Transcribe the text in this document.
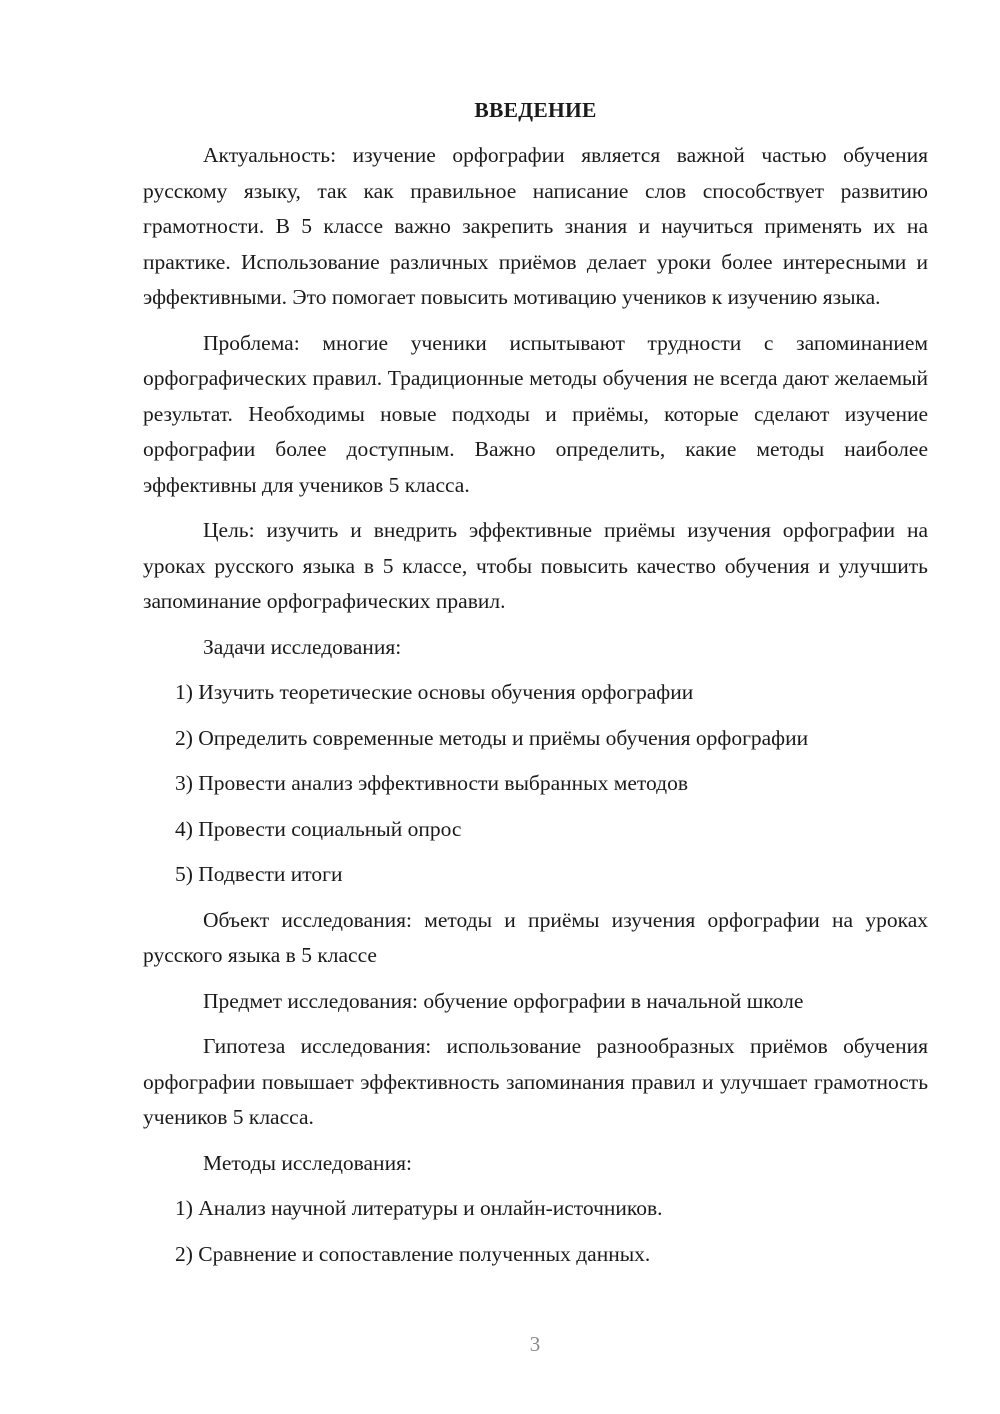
ВВЕДЕНИЕ

Актуальность: изучение орфографии является важной частью обучения русскому языку, так как правильное написание слов способствует развитию грамотности. В 5 классе важно закрепить знания и научиться применять их на практике. Использование различных приёмов делает уроки более интересными и эффективными. Это помогает повысить мотивацию учеников к изучению языка.

Проблема: многие ученики испытывают трудности с запоминанием орфографических правил. Традиционные методы обучения не всегда дают желаемый результат. Необходимы новые подходы и приёмы, которые сделают изучение орфографии более доступным. Важно определить, какие методы наиболее эффективны для учеников 5 класса.

Цель: изучить и внедрить эффективные приёмы изучения орфографии на уроках русского языка в 5 классе, чтобы повысить качество обучения и улучшить запоминание орфографических правил.

Задачи исследования:

1) Изучить теоретические основы обучения орфографии

2) Определить современные методы и приёмы обучения орфографии

3) Провести анализ эффективности выбранных методов

4) Провести социальный опрос

5) Подвести итоги

Объект исследования: методы и приёмы изучения орфографии на уроках русского языка в 5 классе

Предмет исследования: обучение орфографии в начальной школе

Гипотеза исследования: использование разнообразных приёмов обучения орфографии повышает эффективность запоминания правил и улучшает грамотность учеников 5 класса.

Методы исследования:

1) Анализ научной литературы и онлайн-источников.

2) Сравнение и сопоставление полученных данных.

3
